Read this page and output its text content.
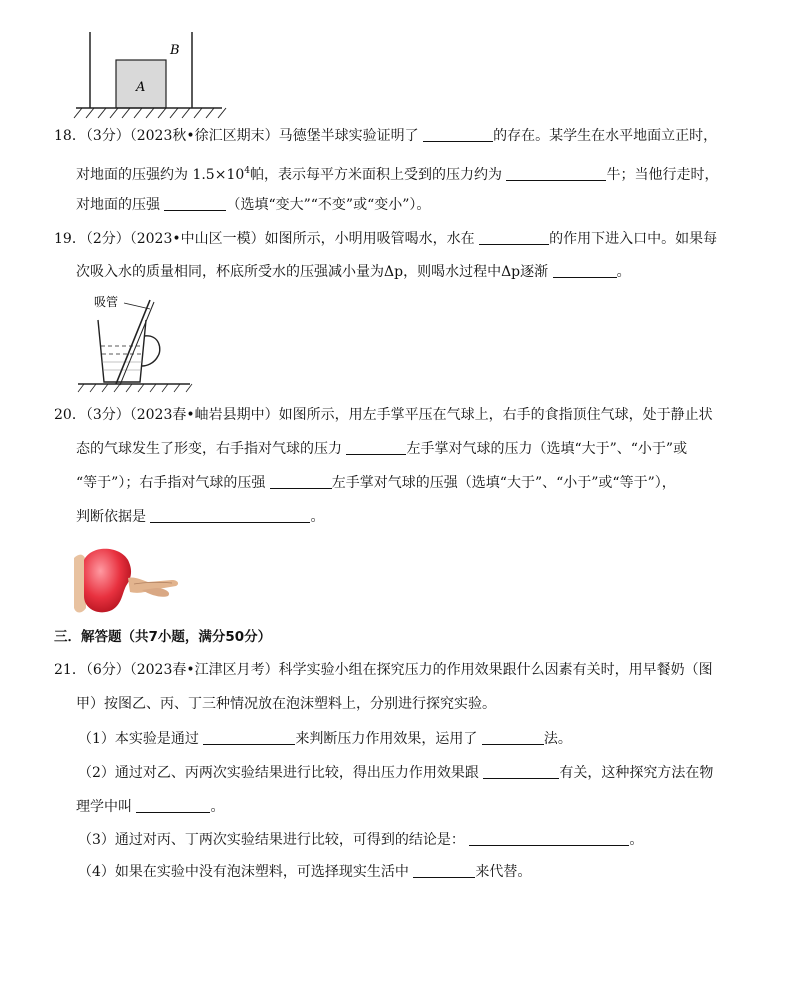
A
B
18．（3分）（2023秋•徐汇区期末）马德堡半球实验证明了	的存在。某学生在水平地面立正时，
对地面的压强约为 $1.5\times 10^4$帕，表示每平方米面积上受到的压力约为	牛；当他行走时，
对地面的压强	（选填“变大”“不变”或“变小”）。
19．（2分）（2023•中山区一模）如图所示，小明用吸管喝水，水在	的作用下进入口中。如果每
次吸入水的质量相同，杯底所受水的压强减小量为Δp，则喝水过程中Δp逐渐	。
吸管
20．（3分）（2023春•岫岩县期中）如图所示，用左手掌平压在气球上，右手的食指顶住气球，处于静止状
态的气球发生了形变，右手指对气球的压力	左手掌对气球的压力（选填“大于”、“小于”或
“等于”）；右手指对气球的压强	左手掌对气球的压强（选填“大于”、“小于”或“等于”），
判断依据是	。
三．解答题（共7小题，满分50分）
21．（6分）（2023春•江津区月考）科学实验小组在探究压力的作用效果跟什么因素有关时，用早餐奶（图
甲）按图乙、丙、丁三种情况放在泡沫塑料上，分别进行探究实验。
（1）本实验是通过	来判断压力作用效果，运用了	法。
（2）通过对乙、丙两次实验结果进行比较，得出压力作用效果跟	有关，这种探究方法在物
理学中叫	。
（3）通过对丙、丁两次实验结果进行比较，可得到的结论是：	。
（4）如果在实验中没有泡沫塑料，可选择现实生活中	来代替。
